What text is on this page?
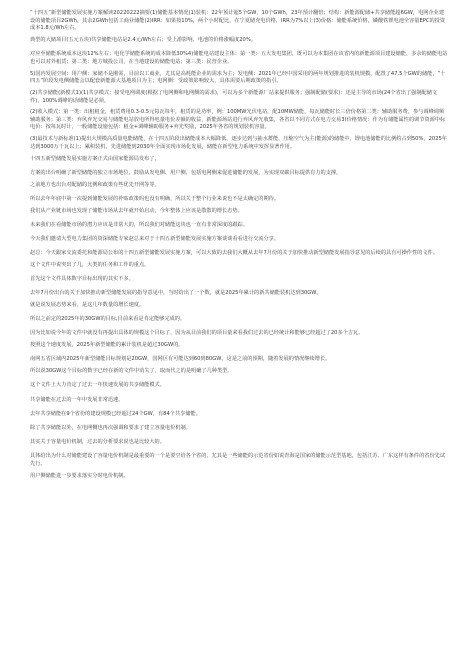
“十四五”新型储能发展实施方案解读20220222摘要(1)储能基本情况(1)装机：22年预计超5个GW，10个GWh，23年预计翻倍；结构：新能源配储+共享储能超6GW，电网企业建设的储能项目2GWh，其余2GWh包括工商业储能(2)IRR：如果按10%，两个小时配比，在宁夏储充电价格，IRR为7%以上(3)价格：储能系统价格，磷酸铁锂电池全容量EPC的投资成本1.8元/Wh左右。

典型的大储项目(五元五块)共享储能电站是2.4元/Wh左右；受上游影响，电池的价格涨幅度20%。

对应至储能系统成本这块12%左右；电化学储能系统的成本降低30%4)储能电站建设主体：第一类：五大发电集团，既可以为本集团在该省内的新能源项目建设储能，多余的储能电站也可以对外租赁；第二类：地方城投公司，在当地建设的储能电站；第三类：民营企业。

5)国内发展空间：用户侧：家储不是刚需，目前以工商业，尤其是高耗能企业的需求为主；发电侧：2021年已经中国采用的两年规划推进的装机规模，配置了47.5个GW的储能，“十四五”阶段发电侧储能会以配套新能源大基地项目为主；电网侧：受政策影响较大，具体需要后期政策的指引。

(2)共享储能(新模式1)(1)共享模式：接受电网调度(根据了电网侧和电网侧的需求)，可以为多个新能源厂站来提供服务；强制配储(要求)：还是主导的市场(24个省出了强制配储文件)，100%调峰的话储能是必须。

(2)收入模式：第一类：出租租金，租赁费用0.3-0.5元每瓦每年，租赁的是功率，例：100MW光伏电站，配10MW储能，每瓦储能时长三倍价格第二类：辅助服务费，参与调峰调频辅助服务；第三类：弃风弃光交易与储能电站放电所得电量电价差额的收益，新能源场站进行弃风弃光收集，各省以不同方式在电力交易3)价格情况：作为有储能属性的调节资源中标电价：按每瓦时计，一般储能设施包括：租金+调峰辅助服务+弃光奖励，2025年各省的规划装机容量。

(3)最技术与新标准(1)提出大规模高质量电能储能，在十四五阶段出储能成本大幅降低，逐步达到与抽水蓄能、压缩空气为主(能源)的储能中，锂电池储能的比例约占到50%，2025年达到3000万千瓦以上；累积装机，先进储能到2030年全面实现市场化发展，储能在新型电力系统中发挥显著作用。

十四五新型储能发展实施方案正式由国家能源局发布了，

方案的出台明确了新型储能的独立市场地位，鼓励从发电侧、用户侧、包括电网侧来促进储能的发展，为实现双碳目标提供有力的支撑。

之前地方也出台对配储的比例和政策有些优先开网等等。

所以去年年底中第一次提到储能发展的补贴政策吗也没有明确，所以关于整个行业来说也不是太确定的期待。

我们从产业链市场也发现了储能市场从去年就开始启动，今年整体上应该是散散的增长态势。

未来我们在看储能市场的潜力应该是非常大的，所以我们对储能这块也一直有非常深度的跟踪。

今天我们邀请大型电力集团的资深储能专家赵总来对于十四五新型储能发展实施方案谈谈看看进行交流分享。

赵总：今天跟家交流委托和能源局公布的十四五新型储能发展实施方案，可以大致的去我们大概从去年7月份的关于加快推动新型储能发展指导意见的后续的具有可操作性的文件。

这个文件中说突出了几，大类的任务和工作的重点。

首先这个文件具体数字目标出现的其实不多。

去年7月份出台的关于加快推动新型储能发展的指导意见中，当时给出了一个数，就是2025年累计的新共储能装机达到30GW。

就是说发展态势来看，是这几年数量的增长速度。

所以之前定的2025年的30GW的目标,目前来看是肯定能够完成的。

因为比如说今年的文件中就没有再提出具体的规模这个目标了，因为从目前我们的项目量来看我们过去的已经统计和能够已经超过了20多个吉瓦。

按照这个速度发展，2025年新型储能的累计装机是超过30GW的。

南网五省区域内2025年新型储能目标规划是20GW，国网区有可能达到60到80GW，这是之前的预期，随着发展的情况继续增长。

所以说30GW这个目标的数字已经在新的文件中消失了，取而代之的是明确了几种类型。

这个文件上大力肯定了过去一年快速发展的共享储能模式。

共享储能在过去的一年中发展非常迅速。

去年共享储能在9个省份的建设规模已经超过24个GW，有84个共享储能。

除了共享储能以外，在电网侧也再次强调和要求了建立容量电价机制。

其实关于容量电价机制，过去的分析要求说也是比较大的。

具体给出为什么对储能建设了容量电价机制是最重要的一个是要空给各个省的，尤其是一些储能的示范省份如说青海是国家的储能示范型基地，包括江苏、广东这样有条件的省份先试先行。

用户侧储能进一步要求落实分时电价机制。
